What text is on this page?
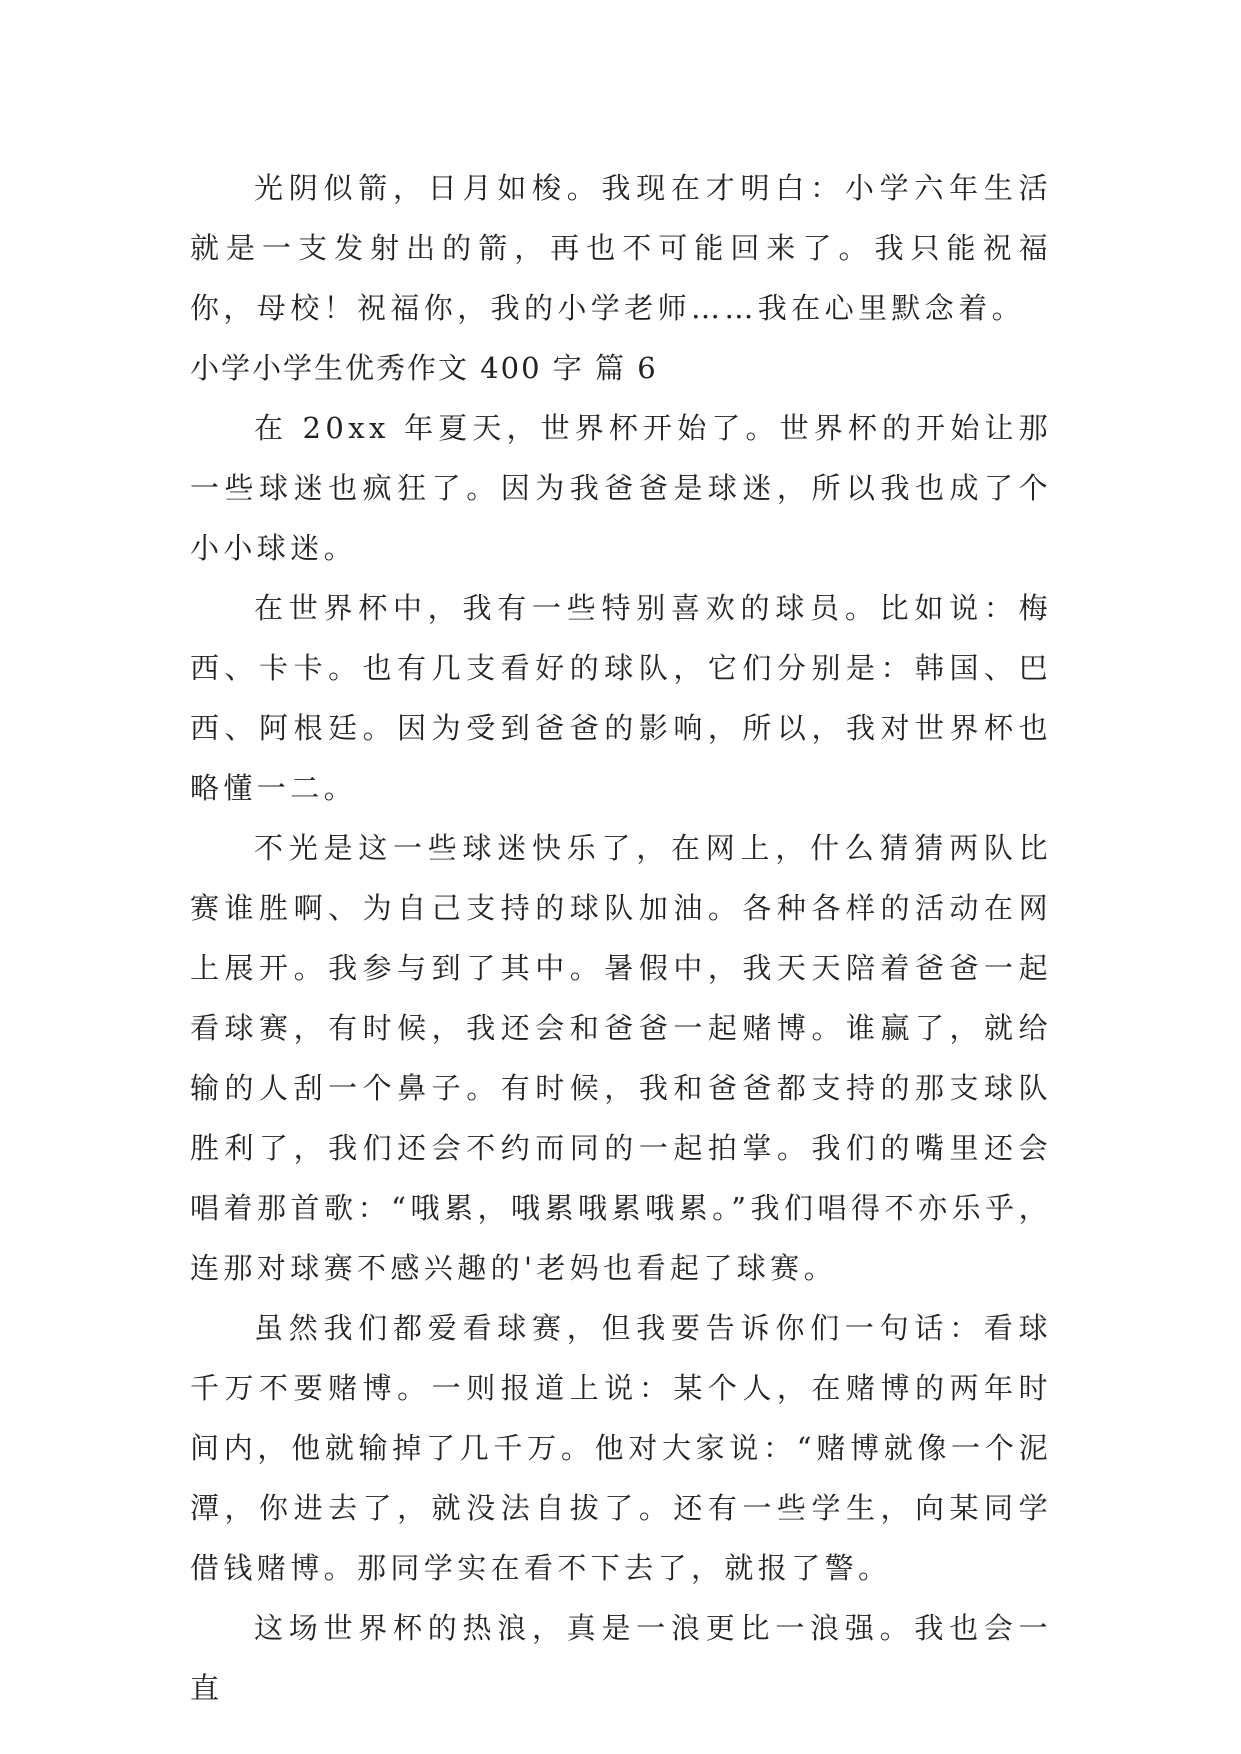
光阴似箭，日月如梭。我现在才明白：小学六年生活就是一支发射出的箭，再也不可能回来了。我只能祝福你，母校！祝福你，我的小学老师……我在心里默念着。

小学小学生优秀作文 400 字 篇 6

在 20xx 年夏天，世界杯开始了。世界杯的开始让那一些球迷也疯狂了。因为我爸爸是球迷，所以我也成了个小小球迷。

在世界杯中，我有一些特别喜欢的球员。比如说：梅西、卡卡。也有几支看好的球队，它们分别是：韩国、巴西、阿根廷。因为受到爸爸的影响，所以，我对世界杯也略懂一二。

不光是这一些球迷快乐了，在网上，什么猜猜两队比赛谁胜啊、为自己支持的球队加油。各种各样的活动在网上展开。我参与到了其中。暑假中，我天天陪着爸爸一起看球赛，有时候，我还会和爸爸一起赌博。谁赢了，就给输的人刮一个鼻子。有时候，我和爸爸都支持的那支球队胜利了，我们还会不约而同的一起拍掌。我们的嘴里还会唱着那首歌：“哦累，哦累哦累哦累。”我们唱得不亦乐乎，连那对球赛不感兴趣的'老妈也看起了球赛。

虽然我们都爱看球赛，但我要告诉你们一句话：看球千万不要赌博。一则报道上说：某个人，在赌博的两年时间内，他就输掉了几千万。他对大家说：“赌博就像一个泥潭，你进去了，就没法自拔了。还有一些学生，向某同学借钱赌博。那同学实在看不下去了，就报了警。

这场世界杯的热浪，真是一浪更比一浪强。我也会一直
